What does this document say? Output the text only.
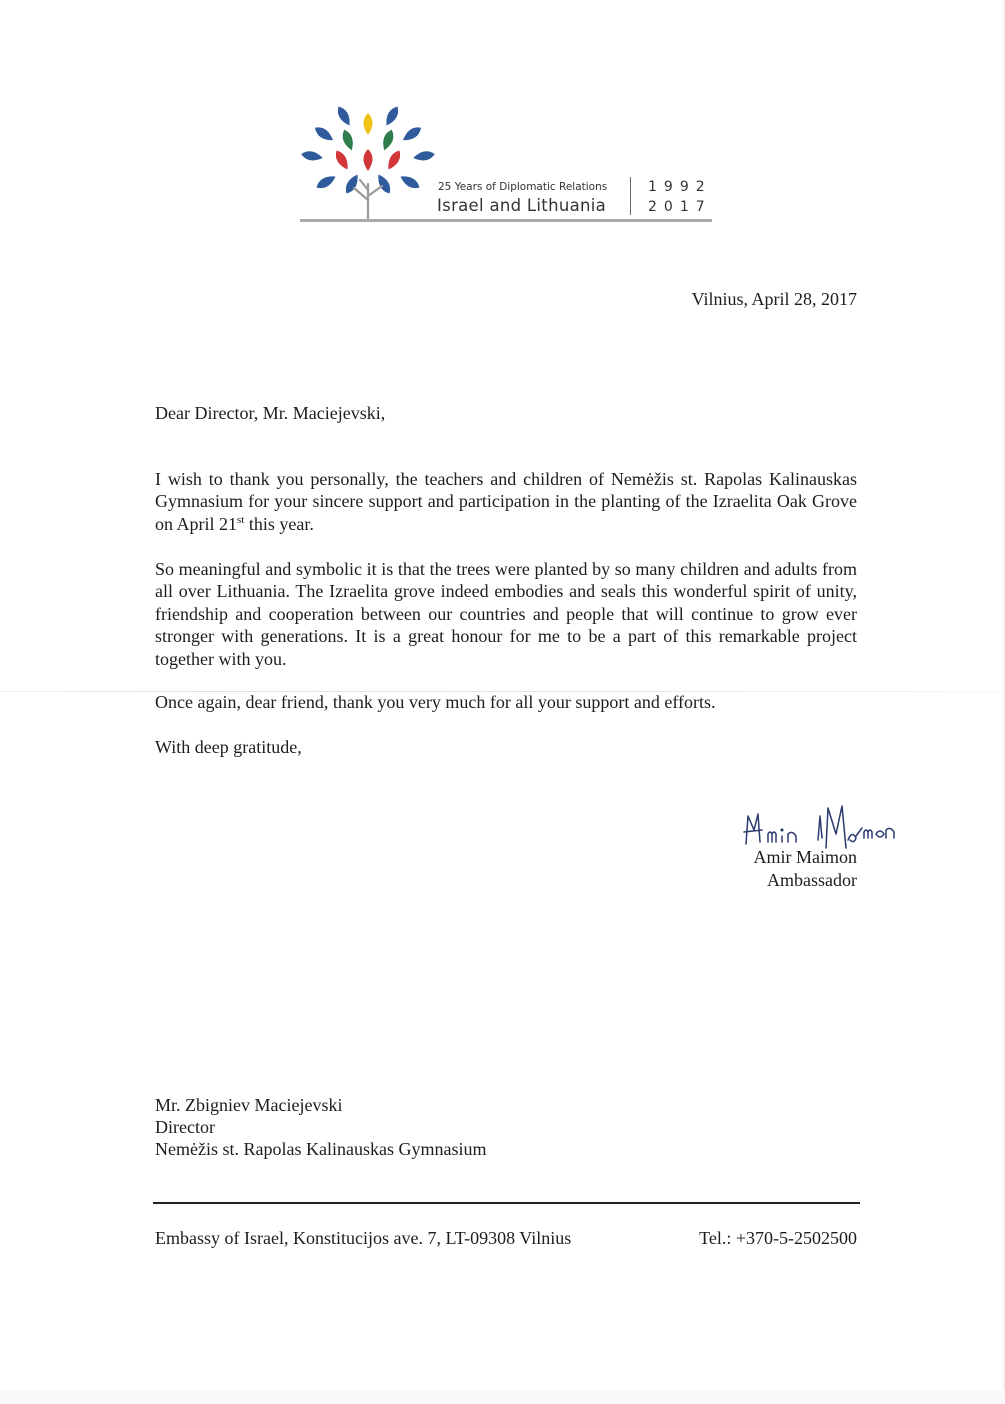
25 Years of Diplomatic Relations
Israel and Lithuania
1992
2017
Vilnius, April 28, 2017
Dear Director, Mr. Maciejevski,

I wish to thank you personally, the teachers and children of Nemėžis st. Rapolas Kalinauskas Gymnasium for your sincere support and participation in the planting of the Izraelita Oak Grove on April 21st this year.

So meaningful and symbolic it is that the trees were planted by so many children and adults from all over Lithuania. The Izraelita grove indeed embodies and seals this wonderful spirit of unity, friendship and cooperation between our countries and people that will continue to grow ever stronger with generations. It is a great honour for me to be a part of this remarkable project together with you.

Once again, dear friend, thank you very much for all your support and efforts.

With deep gratitude,
Amir Maimon
Ambassador
Mr. Zbigniev Maciejevski
Director
Nemėžis st. Rapolas Kalinauskas Gymnasium
Embassy of Israel, Konstitucijos ave. 7, LT-09308 Vilnius	Tel.: +370-5-2502500
